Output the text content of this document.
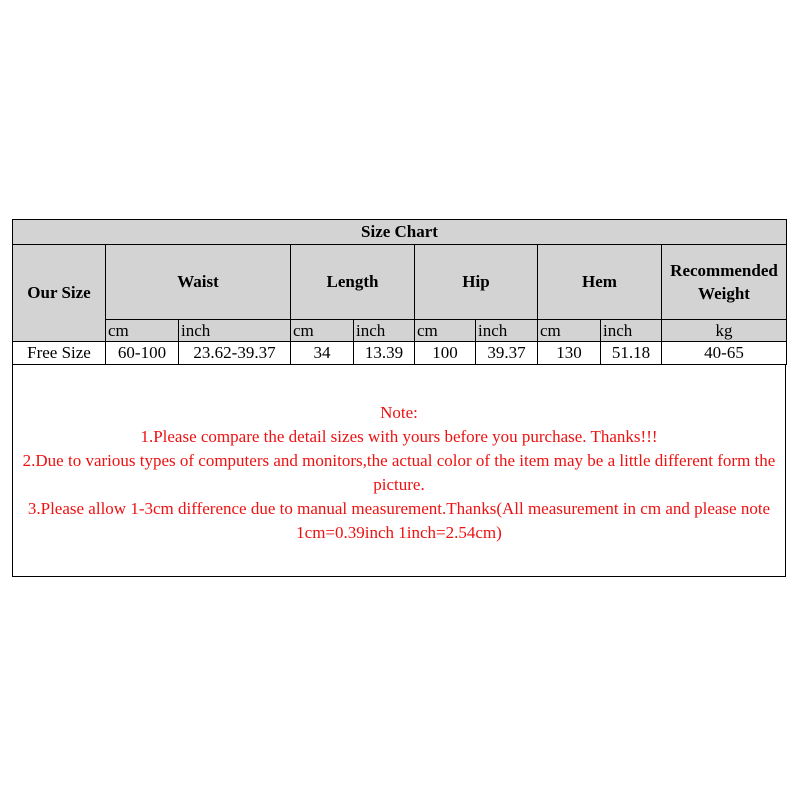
Size Chart									
Our Size	Waist		Length		Hip		Hem		Recommended Weight
	cm	inch	cm	inch	cm	inch	cm	inch	kg
Free Size	60-100	23.62-39.37	34	13.39	100	39.37	130	51.18	40-65

Note:

1.Please compare the detail sizes with yours before you purchase. Thanks!!!

2.Due to various types of computers and monitors,the actual color of the item may be a little different form the picture.

3.Please allow 1-3cm difference due to manual measurement.Thanks(All measurement in cm and please note 1cm=0.39inch 1inch=2.54cm)
